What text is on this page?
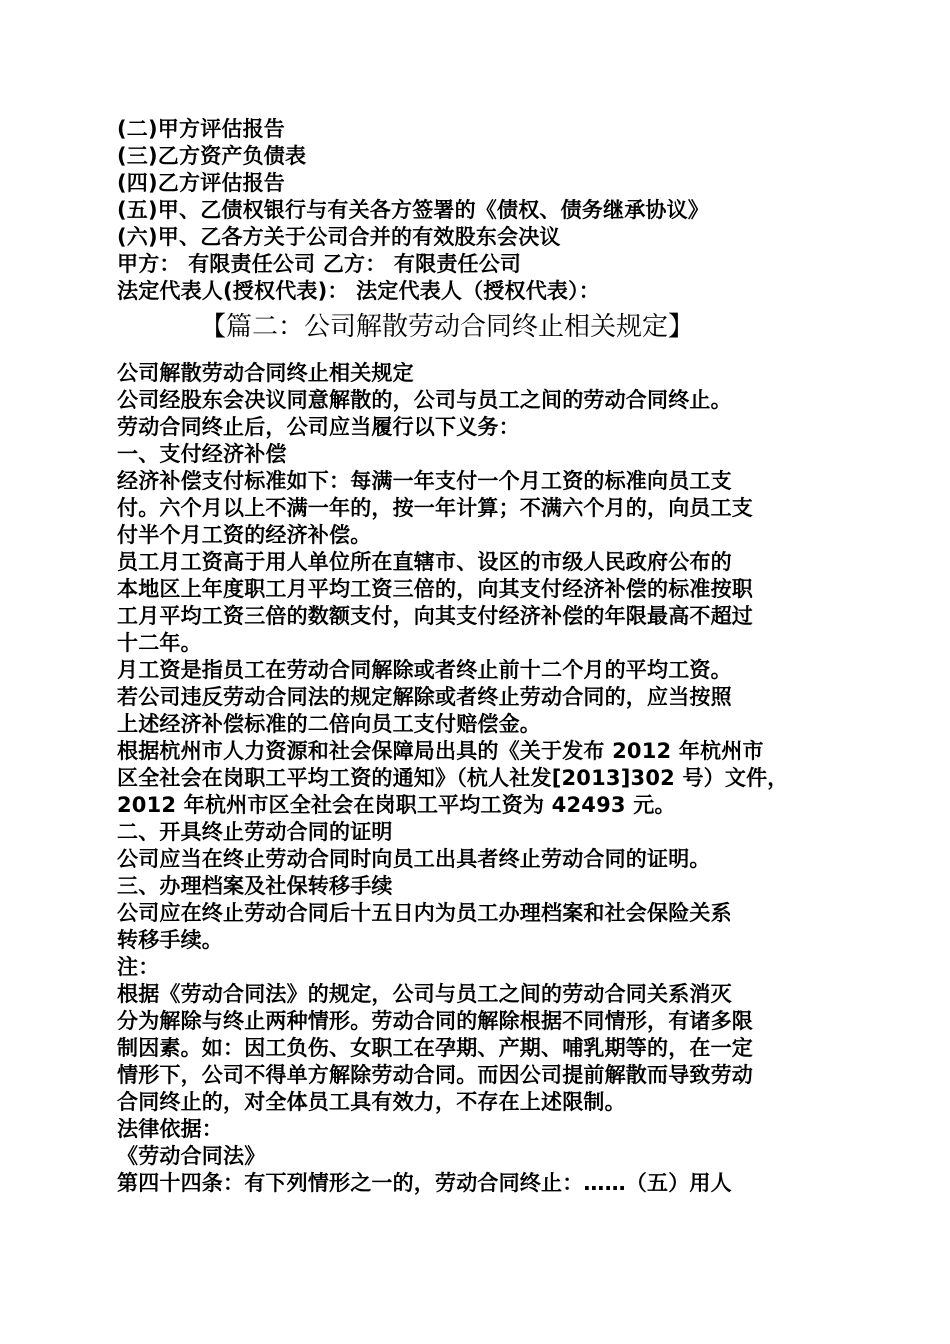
(二)甲方评估报告
(三)乙方资产负债表
(四)乙方评估报告
(五)甲、乙债权银行与有关各方签署的《债权、债务继承协议》
(六)甲、乙各方关于公司合并的有效股东会决议
甲方： 有限责任公司 乙方： 有限责任公司
法定代表人(授权代表)： 法定代表人（授权代表）：
【篇二：公司解散劳动合同终止相关规定】
公司解散劳动合同终止相关规定
公司经股东会决议同意解散的，公司与员工之间的劳动合同终止。
劳动合同终止后，公司应当履行以下义务：
一、支付经济补偿
经济补偿支付标准如下：每满一年支付一个月工资的标准向员工支
付。六个月以上不满一年的，按一年计算；不满六个月的，向员工支
付半个月工资的经济补偿。
员工月工资高于用人单位所在直辖市、设区的市级人民政府公布的
本地区上年度职工月平均工资三倍的，向其支付经济补偿的标准按职
工月平均工资三倍的数额支付，向其支付经济补偿的年限最高不超过
十二年。
月工资是指员工在劳动合同解除或者终止前十二个月的平均工资。
若公司违反劳动合同法的规定解除或者终止劳动合同的，应当按照
上述经济补偿标准的二倍向员工支付赔偿金。
根据杭州市人力资源和社会保障局出具的《关于发布 2012 年杭州市
区全社会在岗职工平均工资的通知》（杭人社发[2013]302 号）文件，
2012 年杭州市区全社会在岗职工平均工资为 42493 元。
二、开具终止劳动合同的证明
公司应当在终止劳动合同时向员工出具者终止劳动合同的证明。
三、办理档案及社保转移手续
公司应在终止劳动合同后十五日内为员工办理档案和社会保险关系
转移手续。
注：
根据《劳动合同法》的规定，公司与员工之间的劳动合同关系消灭
分为解除与终止两种情形。劳动合同的解除根据不同情形，有诸多限
制因素。如：因工负伤、女职工在孕期、产期、哺乳期等的，在一定
情形下，公司不得单方解除劳动合同。而因公司提前解散而导致劳动
合同终止的，对全体员工具有效力，不存在上述限制。
法律依据：
《劳动合同法》
第四十四条：有下列情形之一的，劳动合同终止：……（五）用人
